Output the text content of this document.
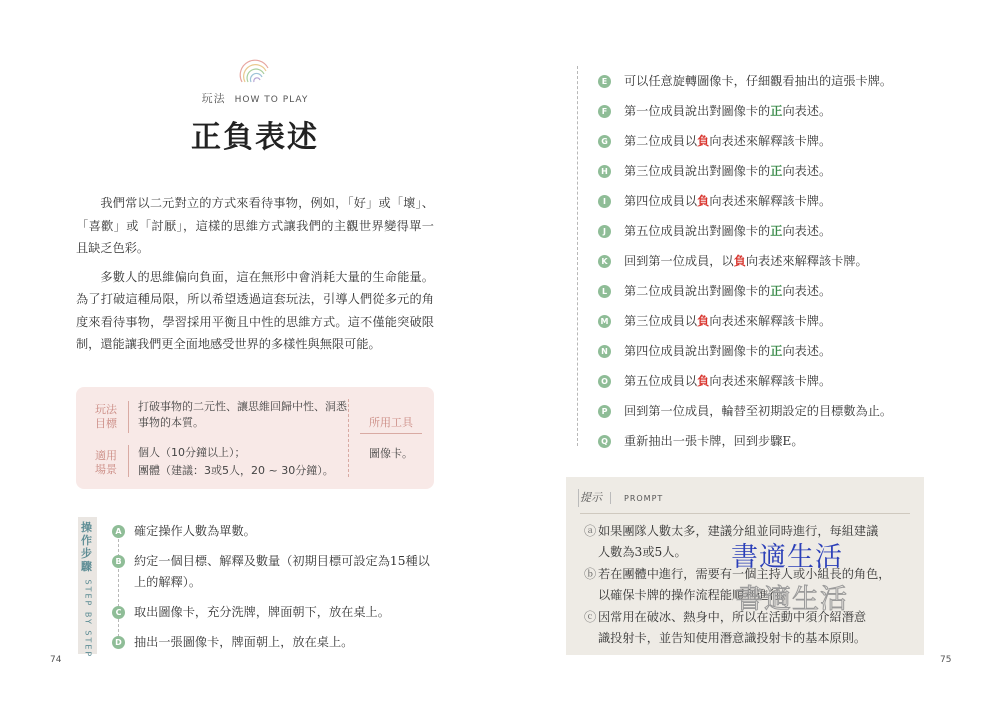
玩法 HOW TO PLAY
正負表述

我們常以二元對立的方式來看待事物，例如，「好」或「壞」、「喜歡」或「討厭」，這樣的思維方式讓我們的主觀世界變得單一且缺乏色彩。

多數人的思維偏向負面，這在無形中會消耗大量的生命能量。為了打破這種局限，所以希望透過這套玩法，引導人們從多元的角度來看待事物，學習採用平衡且中性的思維方式。這不僅能突破限制，還能讓我們更全面地感受世界的多樣性與無限可能。

玩法目標
打破事物的二元性、讓思維回歸中性、洞悉事物的本質。
適用場景
個人（10分鐘以上）；
團體（建議：3或5人，20 ~ 30分鐘）。
所用工具
圖像卡。
操作步驟
STEP BY STEP
A 確定操作人數為單數。
B 約定一個目標、解釋及數量（初期目標可設定為15種以上的解釋）。
C 取出圖像卡，充分洗牌，牌面朝下，放在桌上。
D 抽出一張圖像卡，牌面朝上，放在桌上。
74
E	可以任意旋轉圖像卡，仔細觀看抽出的這張卡牌。
F	第一位成員說出對圖像卡的正向表述。
G 第二位成員以負向表述來解釋該卡牌。
H 第三位成員說出對圖像卡的正向表述。
I	第四位成員以負向表述來解釋該卡牌。
J	第五位成員說出對圖像卡的正向表述。
K 回到第一位成員，以負向表述來解釋該卡牌。
L	第二位成員說出對圖像卡的正向表述。
M 第三位成員以負向表述來解釋該卡牌。
N 第四位成員說出對圖像卡的正向表述。
O 第五位成員以負向表述來解釋該卡牌。
P 回到第一位成員，輪替至初期設定的目標數為止。
Q 重新抽出一張卡牌，回到步驟E。
提示	PROMPT
ⓐ 如果團隊人數太多，建議分組並同時進行，每組建議
人數為3或5人。
ⓑ 若在團體中進行，需要有一個主持人或小組長的角色，
以確保卡牌的操作流程能順利進行。
ⓒ 因常用在破冰、熱身中，所以在活動中須介紹潛意
識投射卡，並告知使用潛意識投射卡的基本原則。
書適生活
書適生活
75
